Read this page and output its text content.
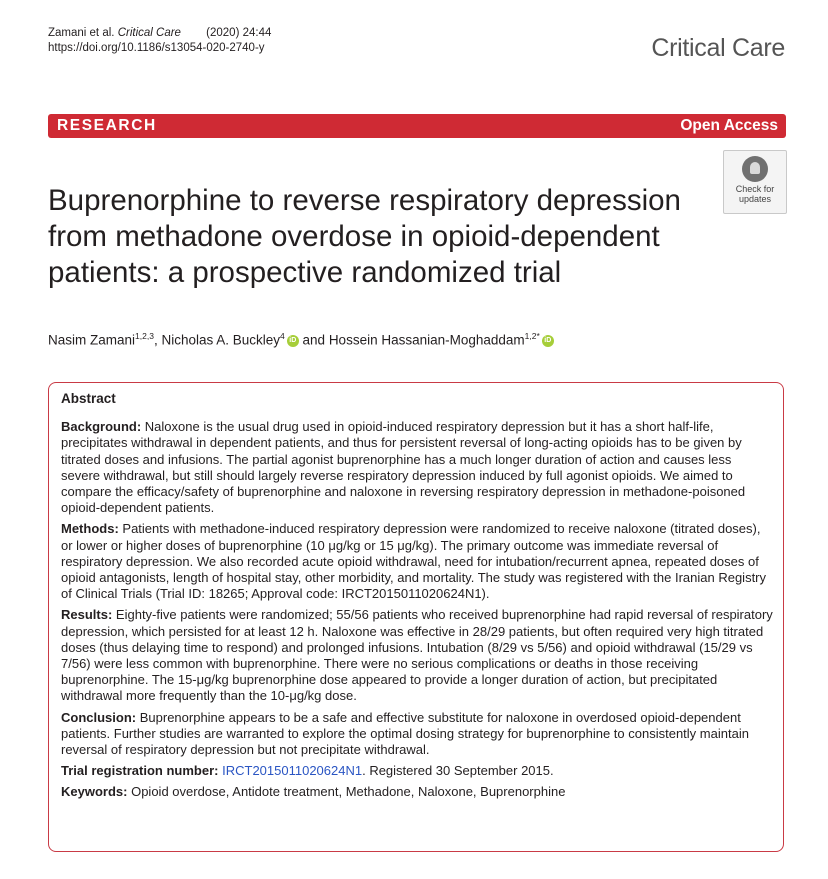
Zamani et al. Critical Care (2020) 24:44
https://doi.org/10.1186/s13054-020-2740-y	Critical Care
RESEARCH	Open Access
Buprenorphine to reverse respiratory depression from methadone overdose in opioid-dependent patients: a prospective randomized trial
Check for
updates
Nasim Zamani$^{1,2,3}$, Nicholas A. Buckley$^4$ iD and Hossein Hassanian-Moghaddam$^{1,2*}$ iD
Abstract

Background: Naloxone is the usual drug used in opioid-induced respiratory depression but it has a short half-life, precipitates withdrawal in dependent patients, and thus for persistent reversal of long-acting opioids has to be given by titrated doses and infusions. The partial agonist buprenorphine has a much longer duration of action and causes less severe withdrawal, but still should largely reverse respiratory depression induced by full agonist opioids. We aimed to compare the efficacy/safety of buprenorphine and naloxone in reversing respiratory depression in methadone-poisoned opioid-dependent patients.

Methods: Patients with methadone-induced respiratory depression were randomized to receive naloxone (titrated doses), or lower or higher doses of buprenorphine (10 μg/kg or 15 μg/kg). The primary outcome was immediate reversal of respiratory depression. We also recorded acute opioid withdrawal, need for intubation/recurrent apnea, repeated doses of opioid antagonists, length of hospital stay, other morbidity, and mortality. The study was registered with the Iranian Registry of Clinical Trials (Trial ID: 18265; Approval code: IRCT2015011020624N1).

Results: Eighty-five patients were randomized; 55/56 patients who received buprenorphine had rapid reversal of respiratory depression, which persisted for at least 12 h. Naloxone was effective in 28/29 patients, but often required very high titrated doses (thus delaying time to respond) and prolonged infusions. Intubation (8/29 vs 5/56) and opioid withdrawal (15/29 vs 7/56) were less common with buprenorphine. There were no serious complications or deaths in those receiving buprenorphine. The 15-μg/kg buprenorphine dose appeared to provide a longer duration of action, but precipitated withdrawal more frequently than the 10-μg/kg dose.

Conclusion: Buprenorphine appears to be a safe and effective substitute for naloxone in overdosed opioid-dependent patients. Further studies are warranted to explore the optimal dosing strategy for buprenorphine to consistently maintain reversal of respiratory depression but not precipitate withdrawal.

Trial registration number: IRCT2015011020624N1. Registered 30 September 2015.

Keywords: Opioid overdose, Antidote treatment, Methadone, Naloxone, Buprenorphine
